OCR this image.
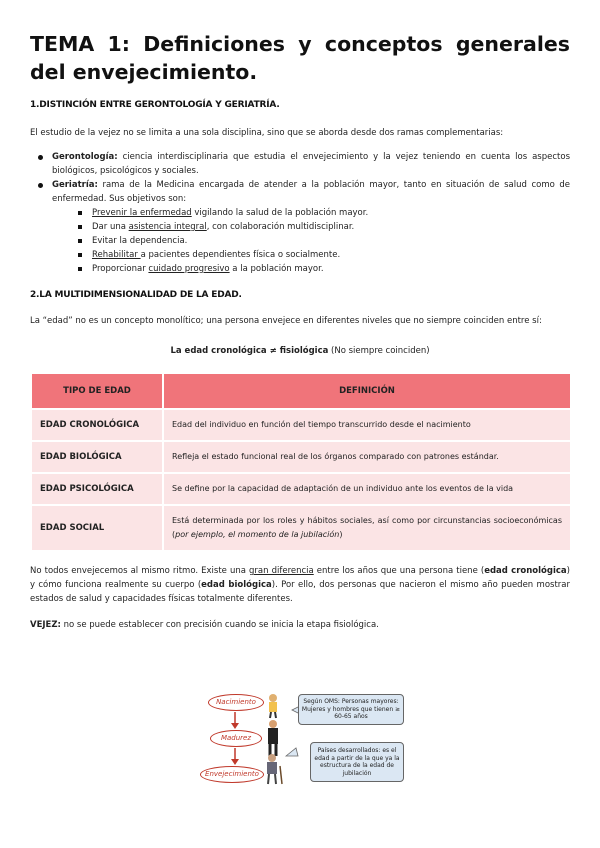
TEMA 1: Definiciones y conceptos generales del envejecimiento.
1.DISTINCIÓN ENTRE GERONTOLOGÍA Y GERIATRÍA.

El estudio de la vejez no se limita a una sola disciplina, sino que se aborda desde dos ramas complementarias:

Gerontología: ciencia interdisciplinaria que estudia el envejecimiento y la vejez teniendo en cuenta los aspectos biológicos, psicológicos y sociales.
Geriatría: rama de la Medicina encargada de atender a la población mayor, tanto en situación de salud como de enfermedad. Sus objetivos son:
Prevenir la enfermedad vigilando la salud de la población mayor.
Dar una asistencia integral, con colaboración multidisciplinar.
Evitar la dependencia.
Rehabilitar a pacientes dependientes física o socialmente.
Proporcionar cuidado progresivo a la población mayor.
2.LA MULTIDIMENSIONALIDAD DE LA EDAD.

La “edad” no es un concepto monolítico; una persona envejece en diferentes niveles que no siempre coinciden entre sí:

La edad cronológica ≠ fisiológica (No siempre coinciden)

TIPO DE EDAD	DEFINICIÓN
EDAD CRONOLÓGICA	Edad del individuo en función del tiempo transcurrido desde el nacimiento
EDAD BIOLÓGICA	Refleja el estado funcional real de los órganos comparado con patrones estándar.
EDAD PSICOLÓGICA	Se define por la capacidad de adaptación de un individuo ante los eventos de la vida
EDAD SOCIAL	Está determinada por los roles y hábitos sociales, así como por circunstancias socioeconómicas (por ejemplo, el momento de la jubilación)

No todos envejecemos al mismo ritmo. Existe una gran diferencia entre los años que una persona tiene (edad cronológica) y cómo funciona realmente su cuerpo (edad biológica). Por ello, dos personas que nacieron el mismo año pueden mostrar estados de salud y capacidades físicas totalmente diferentes.

VEJEZ: no se puede establecer con precisión cuando se inicia la etapa fisiológica.

Nacimiento
Madurez
Envejecimiento
Según OMS: Personas mayores: Mujeres y hombres que tienen ≥ 60-65 años
Países desarrollados: es el edad a partir de la que ya la estructura de la edad de jubilación
